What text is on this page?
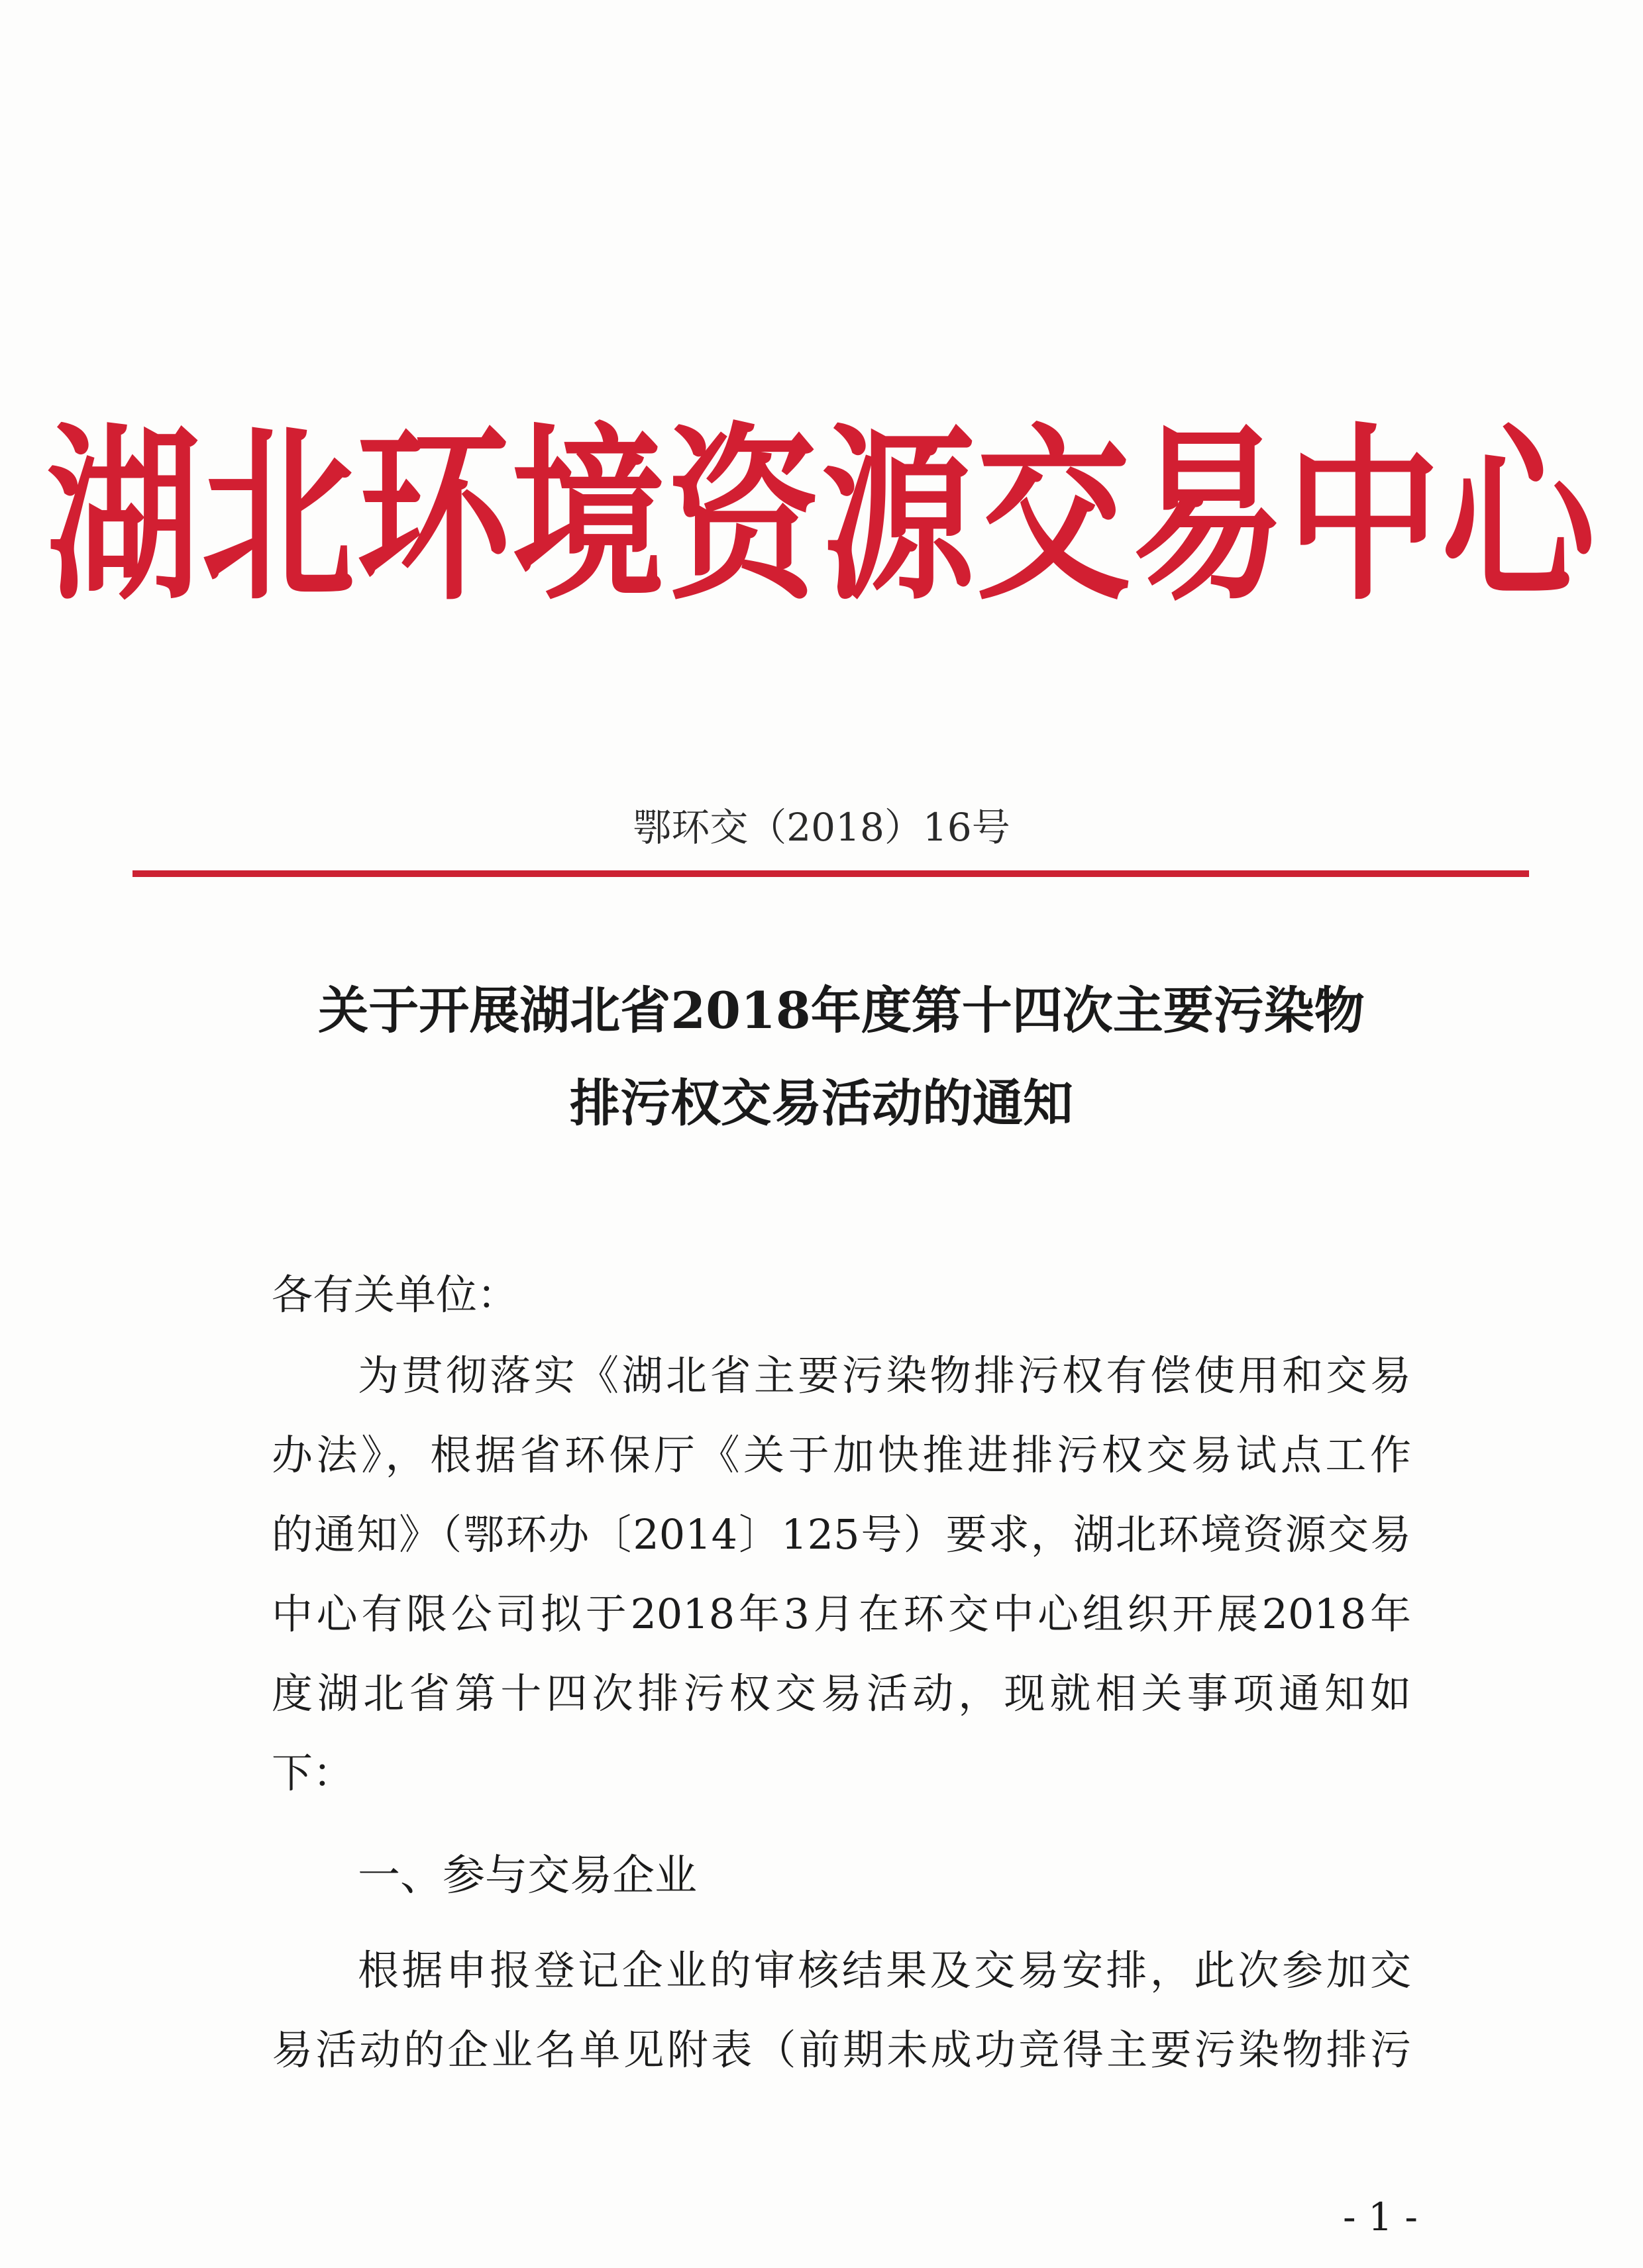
湖北环境资源交易中心
鄂环交（2018）16号
关于开展湖北省2018年度第十四次主要污染物
排污权交易活动的通知
各有关单位：
为贯彻落实《湖北省主要污染物排污权有偿使用和交易
办法》，根据省环保厅《关于加快推进排污权交易试点工作
的通知》（鄂环办〔2014〕125号）要求，湖北环境资源交易
中心有限公司拟于2018年3月在环交中心组织开展2018年
度湖北省第十四次排污权交易活动，现就相关事项通知如
下：
一、参与交易企业
根据申报登记企业的审核结果及交易安排，此次参加交
易活动的企业名单见附表（前期未成功竞得主要污染物排污
- 1 -
